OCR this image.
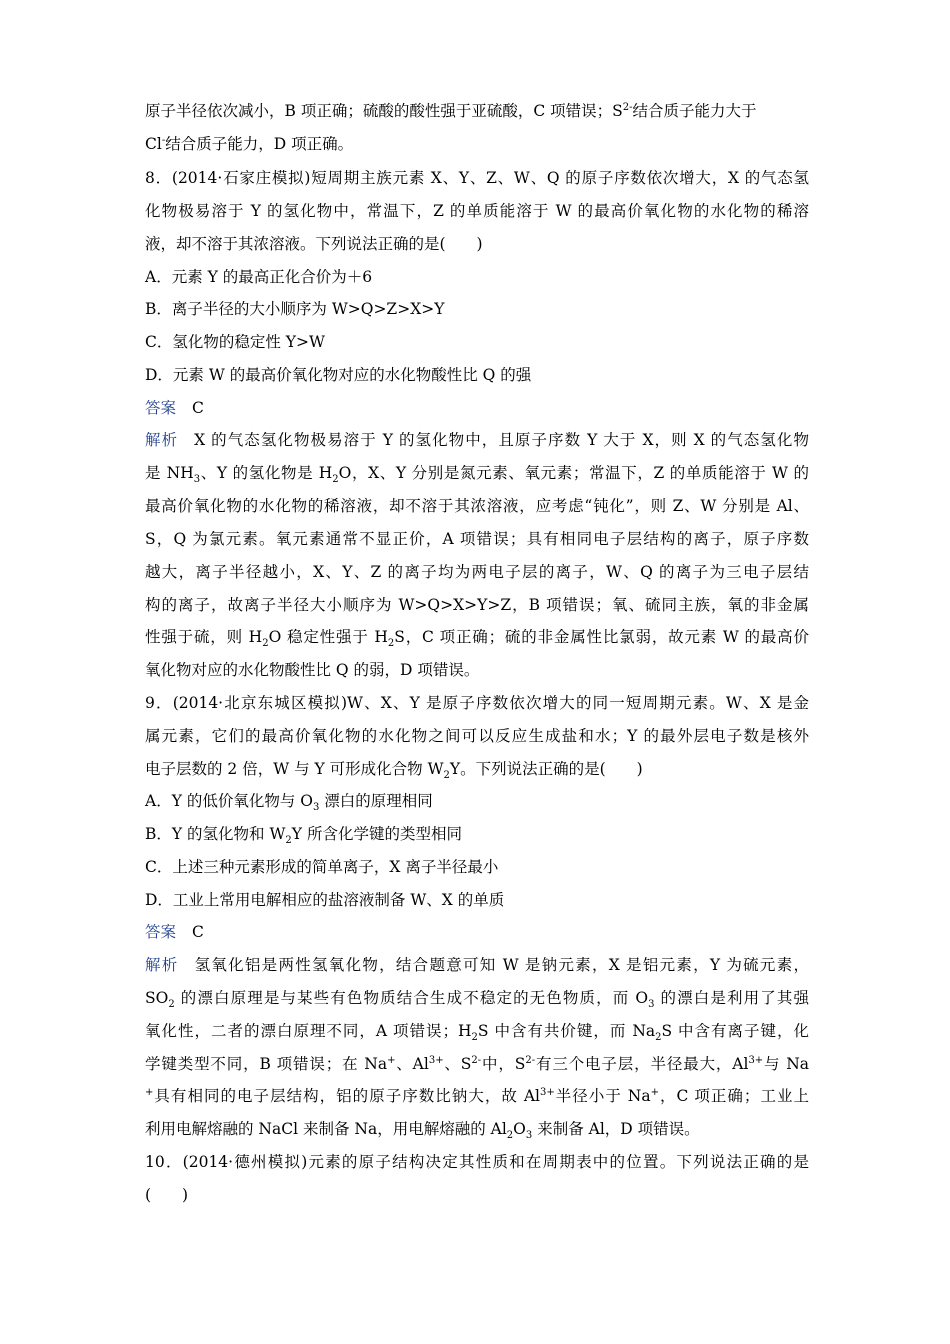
原子半径依次减小，B 项正确；硫酸的酸性强于亚硫酸，C 项错误；$S^{2-}$结合质子能力大于
Cl-结合质子能力，D 项正确。
8．(2014·石家庄模拟)短周期主族元素 X、Y、Z、W、Q 的原子序数依次增大，X 的气态氢
化物极易溶于 Y 的氢化物中，常温下，Z 的单质能溶于 W 的最高价氧化物的水化物的稀溶
液，却不溶于其浓溶液。下列说法正确的是(　　)
A．元素 Y 的最高正化合价为＋6
B．离子半径的大小顺序为 W>Q>Z>X>Y
C．氢化物的稳定性 Y>W
D．元素 W 的最高价氧化物对应的水化物酸性比 Q 的强
答案 C
解析 X 的气态氢化物极易溶于 Y 的氢化物中，且原子序数 Y 大于 X，则 X 的气态氢化物
是 $NH_3$、Y 的氢化物是 $H_2O$，X、Y 分别是氮元素、氧元素；常温下，Z 的单质能溶于 W 的
最高价氧化物的水化物的稀溶液，却不溶于其浓溶液，应考虑“钝化”，则 Z、W 分别是 Al、
S，Q 为氯元素。氧元素通常不显正价，A 项错误；具有相同电子层结构的离子，原子序数
越大，离子半径越小，X、Y、Z 的离子均为两电子层的离子，W、Q 的离子为三电子层结
构的离子，故离子半径大小顺序为 W>Q>X>Y>Z，B 项错误；氧、硫同主族，氧的非金属
性强于硫，则 $H_2O$ 稳定性强于 $H_2S$，C 项正确；硫的非金属性比氯弱，故元素 W 的最高价
氧化物对应的水化物酸性比 Q 的弱，D 项错误。
9．(2014·北京东城区模拟)W、X、Y 是原子序数依次增大的同一短周期元素。W、X 是金
属元素，它们的最高价氧化物的水化物之间可以反应生成盐和水；Y 的最外层电子数是核外
电子层数的 2 倍，W 与 Y 可形成化合物 $W_2Y$。下列说法正确的是(　　)
A．Y 的低价氧化物与 $O_3$ 漂白的原理相同
B．Y 的氢化物和 $W_2Y$ 所含化学键的类型相同
C．上述三种元素形成的简单离子，X 离子半径最小
D．工业上常用电解相应的盐溶液制备 W、X 的单质
答案 C
解析 氢氧化铝是两性氢氧化物，结合题意可知 W 是钠元素，X 是铝元素，Y 为硫元素，
$SO_2$ 的漂白原理是与某些有色物质结合生成不稳定的无色物质，而 $O_3$ 的漂白是利用了其强
氧化性，二者的漂白原理不同，A 项错误；$H_2S$ 中含有共价键，而 $Na_2S$ 中含有离子键，化
学键类型不同，B 项错误；在 Na+、$Al^{3+}$、$S^{2-}$中，$S^{2-}$有三个电子层，半径最大，$Al^{3+}$与 Na
+具有相同的电子层结构，铝的原子序数比钠大，故 $Al^{3+}$半径小于 Na+，C 项正确；工业上
利用电解熔融的 NaCl 来制备 Na，用电解熔融的 $Al_2O_3$ 来制备 Al，D 项错误。
10．(2014·德州模拟)元素的原子结构决定其性质和在周期表中的位置。下列说法正确的是
(　　)
